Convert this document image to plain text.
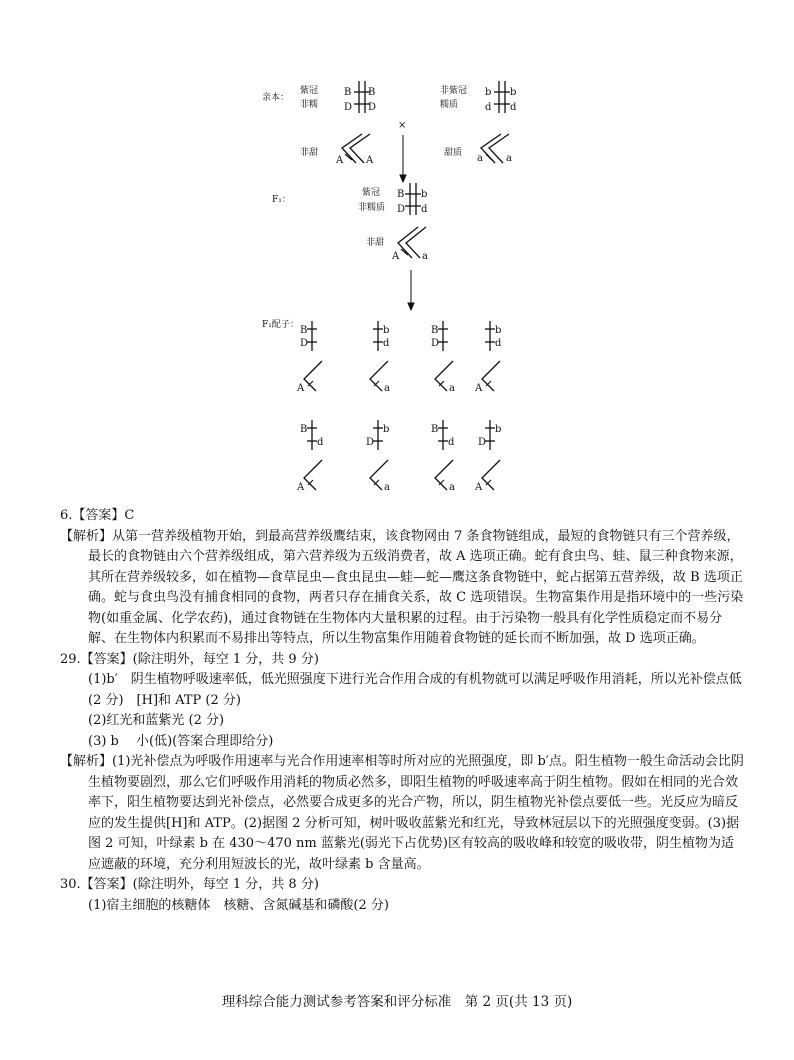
亲本：
紫冠
非糯
B B
D D
非甜
A A
×
非紫冠
糯质
b b
d d
甜质 a a
F₁：
紫冠
非糯质
B b
D d
非甜
A a
F₁配子： B
D
A
b
d
a
B
D
a
b
d
A
B
d
A
b
D
a
B
d
a
b
D
A

6.【答案】C

【解析】从第一营养级植物开始，到最高营养级鹰结束，该食物网由 7 条食物链组成，最短的食物链只有三个营养级，最长的食物链由六个营养级组成，第六营养级为五级消费者，故 A 选项正确。蛇有食虫鸟、蛙、鼠三种食物来源，其所在营养级较多，如在植物—食草昆虫—食虫昆虫—蛙—蛇—鹰这条食物链中，蛇占据第五营养级，故 B 选项正确。蛇与食虫鸟没有捕食相同的食物，两者只存在捕食关系，故 C 选项错误。生物富集作用是指环境中的一些污染物(如重金属、化学农药)，通过食物链在生物体内大量积累的过程。由于污染物一般具有化学性质稳定而不易分解、在生物体内积累而不易排出等特点，所以生物富集作用随着食物链的延长而不断加强，故 D 选项正确。

29.【答案】(除注明外，每空 1 分，共 9 分)

(1)b′　阴生植物呼吸速率低，低光照强度下进行光合作用合成的有机物就可以满足呼吸作用消耗，所以光补偿点低(2 分)　[H]和 ATP (2 分)

(2)红光和蓝紫光 (2 分)

(3) b　 小(低)(答案合理即给分)

【解析】(1)光补偿点为呼吸作用速率与光合作用速率相等时所对应的光照强度，即 b′点。阳生植物一般生命活动会比阴生植物要剧烈，那么它们呼吸作用消耗的物质必然多，即阳生植物的呼吸速率高于阴生植物。假如在相同的光合效率下，阳生植物要达到光补偿点，必然要合成更多的光合产物，所以，阴生植物光补偿点要低一些。光反应为暗反应的发生提供[H]和 ATP。(2)据图 2 分析可知，树叶吸收蓝紫光和红光，导致林冠层以下的光照强度变弱。(3)据图 2 可知，叶绿素 b 在 430～470 nm 蓝紫光(弱光下占优势)区有较高的吸收峰和较宽的吸收带，阴生植物为适应遮蔽的环境，充分利用短波长的光，故叶绿素 b 含量高。

30.【答案】(除注明外，每空 1 分，共 8 分)

(1)宿主细胞的核糖体　核糖、含氮碱基和磷酸(2 分)

理科综合能力测试参考答案和评分标准　第 2 页(共 13 页)
